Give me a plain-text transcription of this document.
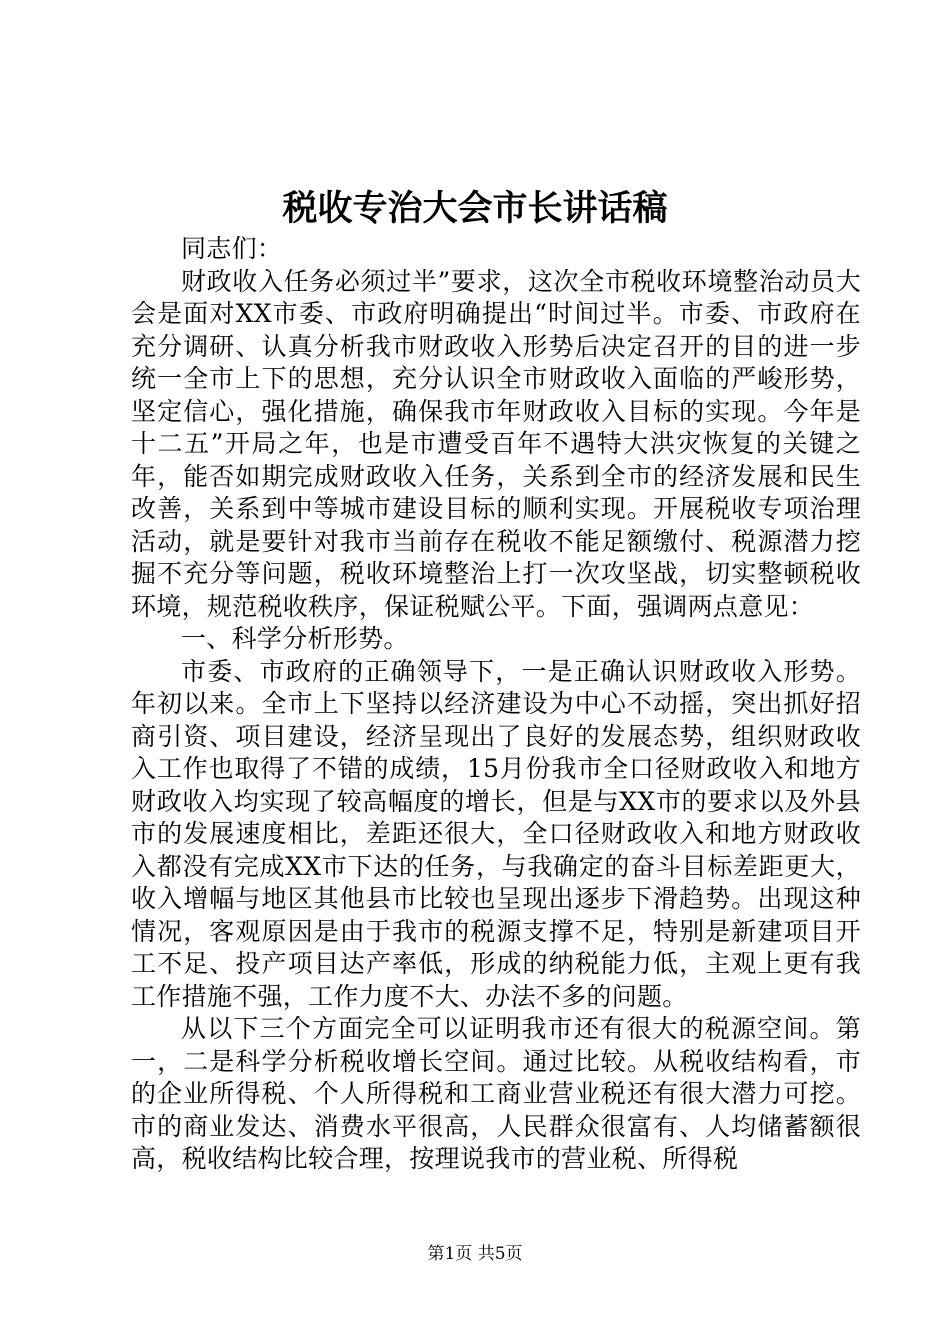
税收专治大会市长讲话稿

同志们：

财政收入任务必须过半”要求，这次全市税收环境整治动员大会是面对XX市委、市政府明确提出“时间过半。市委、市政府在充分调研、认真分析我市财政收入形势后决定召开的目的进一步统一全市上下的思想，充分认识全市财政收入面临的严峻形势，坚定信心，强化措施，确保我市年财政收入目标的实现。今年是十二五”开局之年，也是市遭受百年不遇特大洪灾恢复的关键之年，能否如期完成财政收入任务，关系到全市的经济发展和民生改善，关系到中等城市建设目标的顺利实现。开展税收专项治理活动，就是要针对我市当前存在税收不能足额缴付、税源潜力挖掘不充分等问题，税收环境整治上打一次攻坚战，切实整顿税收环境，规范税收秩序，保证税赋公平。下面，强调两点意见：

一、科学分析形势。

市委、市政府的正确领导下，一是正确认识财政收入形势。年初以来。全市上下坚持以经济建设为中心不动摇，突出抓好招商引资、项目建设，经济呈现出了良好的发展态势，组织财政收入工作也取得了不错的成绩，15月份我市全口径财政收入和地方财政收入均实现了较高幅度的增长，但是与XX市的要求以及外县市的发展速度相比，差距还很大，全口径财政收入和地方财政收入都没有完成XX市下达的任务，与我确定的奋斗目标差距更大，收入增幅与地区其他县市比较也呈现出逐步下滑趋势。出现这种情况，客观原因是由于我市的税源支撑不足，特别是新建项目开工不足、投产项目达产率低，形成的纳税能力低，主观上更有我工作措施不强，工作力度不大、办法不多的问题。

从以下三个方面完全可以证明我市还有很大的税源空间。第一，二是科学分析税收增长空间。通过比较。从税收结构看，市的企业所得税、个人所得税和工商业营业税还有很大潜力可挖。市的商业发达、消费水平很高，人民群众很富有、人均储蓄额很高，税收结构比较合理，按理说我市的营业税、所得税

第1页 共5页
